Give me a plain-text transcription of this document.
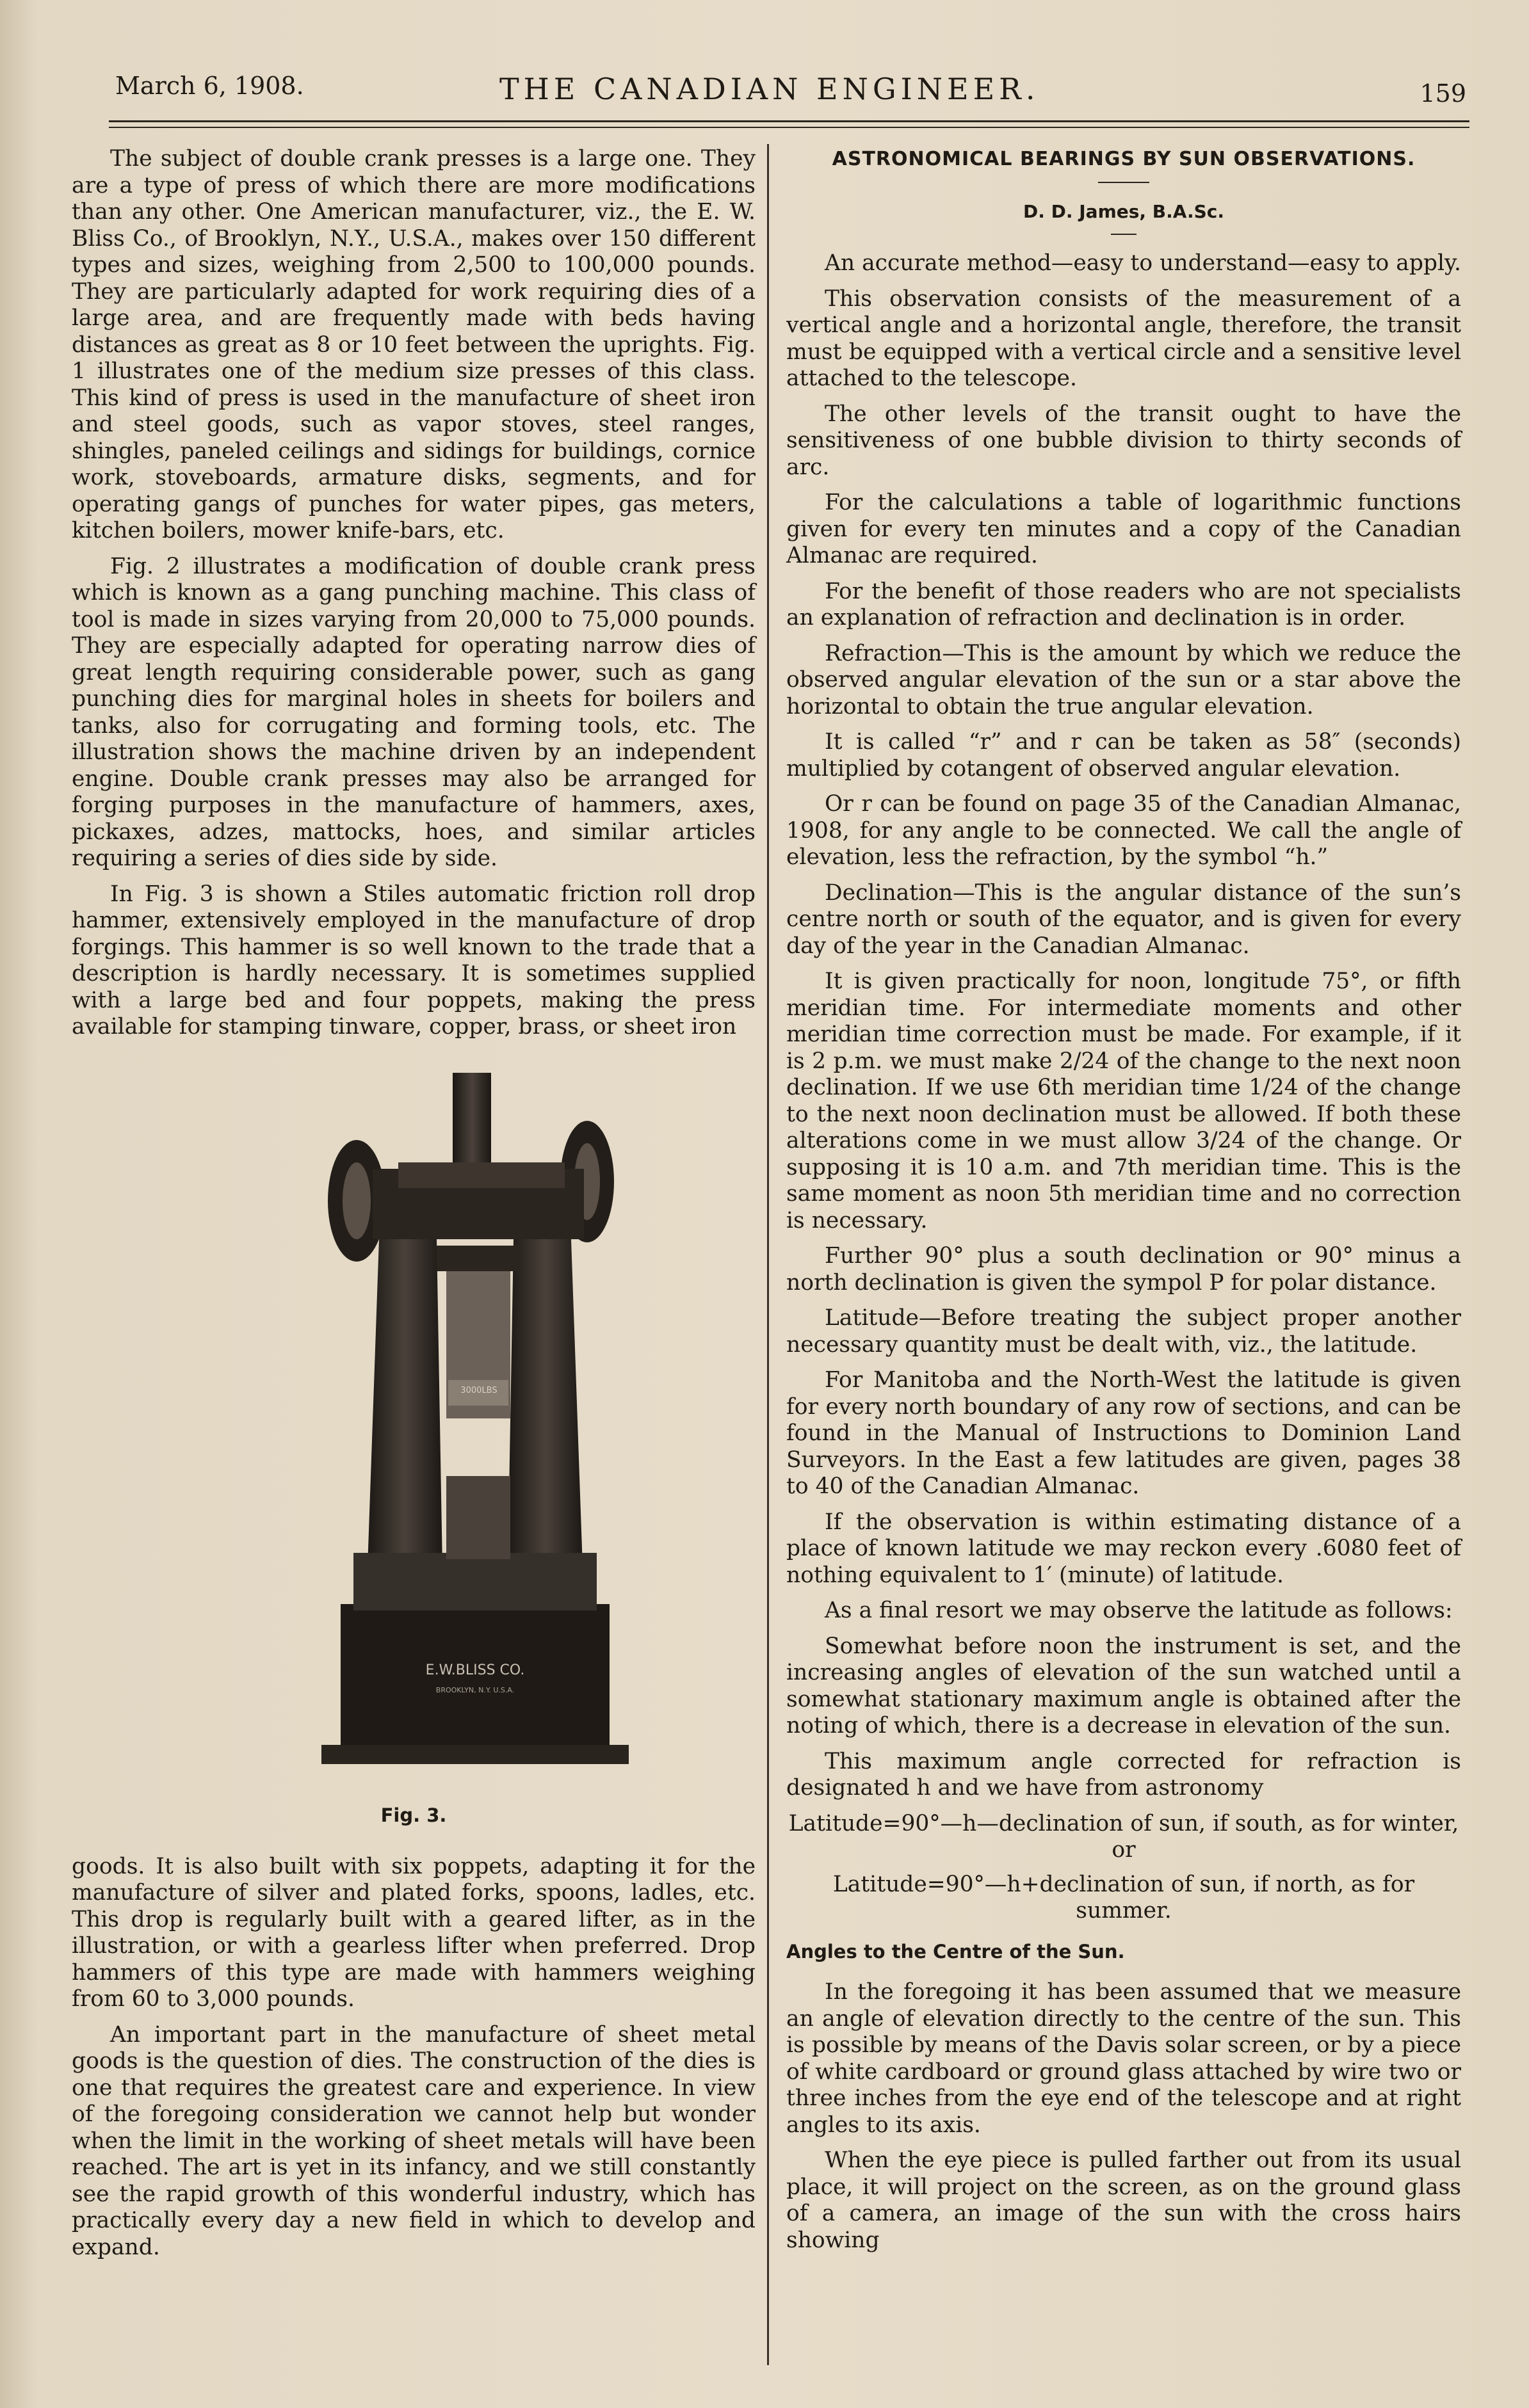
March 6, 1908.	THE CANADIAN ENGINEER.	159

The subject of double crank presses is a large one. They are a type of press of which there are more modifications than any other. One American manufacturer, viz., the E. W. Bliss Co., of Brooklyn, N.Y., U.S.A., makes over 150 different types and sizes, weighing from 2,500 to 100,000 pounds. They are particularly adapted for work requiring dies of a large area, and are frequently made with beds having distances as great as 8 or 10 feet between the uprights. Fig. 1 illustrates one of the medium size presses of this class. This kind of press is used in the manufacture of sheet iron and steel goods, such as vapor stoves, steel ranges, shingles, paneled ceilings and sidings for buildings, cornice work, stoveboards, armature disks, segments, and for operating gangs of punches for water pipes, gas meters, kitchen boilers, mower knife-bars, etc.

Fig. 2 illustrates a modification of double crank press which is known as a gang punching machine. This class of tool is made in sizes varying from 20,000 to 75,000 pounds. They are especially adapted for operating narrow dies of great length requiring considerable power, such as gang punching dies for marginal holes in sheets for boilers and tanks, also for corrugating and forming tools, etc. The illustration shows the machine driven by an independent engine. Double crank presses may also be arranged for forging purposes in the manufacture of hammers, axes, pickaxes, adzes, mattocks, hoes, and similar articles requiring a series of dies side by side.

In Fig. 3 is shown a Stiles automatic friction roll drop hammer, extensively employed in the manufacture of drop forgings. This hammer is so well known to the trade that a description is hardly necessary. It is sometimes supplied with a large bed and four poppets, making the press available for stamping tinware, copper, brass, or sheet iron

3000LBS
E.W.BLISS CO.
BROOKLYN, N.Y. U.S.A.
Fig. 3.

goods. It is also built with six poppets, adapting it for the manufacture of silver and plated forks, spoons, ladles, etc. This drop is regularly built with a geared lifter, as in the illustration, or with a gearless lifter when preferred. Drop hammers of this type are made with hammers weighing from 60 to 3,000 pounds.

An important part in the manufacture of sheet metal goods is the question of dies. The construction of the dies is one that requires the greatest care and experience. In view of the foregoing consideration we cannot help but wonder when the limit in the working of sheet metals will have been reached. The art is yet in its infancy, and we still constantly see the rapid growth of this wonderful industry, which has practically every day a new field in which to develop and expand.

ASTRONOMICAL BEARINGS BY SUN OBSERVATIONS.

D. D. James, B.A.Sc.

An accurate method—easy to understand—easy to apply.

This observation consists of the measurement of a vertical angle and a horizontal angle, therefore, the transit must be equipped with a vertical circle and a sensitive level attached to the telescope.

The other levels of the transit ought to have the sensitiveness of one bubble division to thirty seconds of arc.

For the calculations a table of logarithmic functions given for every ten minutes and a copy of the Canadian Almanac are required.

For the benefit of those readers who are not specialists an explanation of refraction and declination is in order.

Refraction—This is the amount by which we reduce the observed angular elevation of the sun or a star above the horizontal to obtain the true angular elevation.

It is called “r” and r can be taken as 58″ (seconds) multiplied by cotangent of observed angular elevation.

Or r can be found on page 35 of the Canadian Almanac, 1908, for any angle to be connected. We call the angle of elevation, less the refraction, by the symbol “h.”

Declination—This is the angular distance of the sun’s centre north or south of the equator, and is given for every day of the year in the Canadian Almanac.

It is given practically for noon, longitude 75°, or fifth meridian time. For intermediate moments and other meridian time correction must be made. For example, if it is 2 p.m. we must make 2/24 of the change to the next noon declination. If we use 6th meridian time 1/24 of the change to the next noon declination must be allowed. If both these alterations come in we must allow 3/24 of the change. Or supposing it is 10 a.m. and 7th meridian time. This is the same moment as noon 5th meridian time and no correction is necessary.

Further 90° plus a south declination or 90° minus a north declination is given the sympol P for polar distance.

Latitude—Before treating the subject proper another necessary quantity must be dealt with, viz., the latitude.

For Manitoba and the North-West the latitude is given for every north boundary of any row of sections, and can be found in the Manual of Instructions to Dominion Land Surveyors. In the East a few latitudes are given, pages 38 to 40 of the Canadian Almanac.

If the observation is within estimating distance of a place of known latitude we may reckon every .6080 feet of nothing equivalent to 1′ (minute) of latitude.

As a final resort we may observe the latitude as follows:

Somewhat before noon the instrument is set, and the increasing angles of elevation of the sun watched until a somewhat stationary maximum angle is obtained after the noting of which, there is a decrease in elevation of the sun.

This maximum angle corrected for refraction is designated h and we have from astronomy

Latitude=90°—h—declination of sun, if south, as for winter, or

Latitude=90°—h+declination of sun, if north, as for summer.

Angles to the Centre of the Sun.

In the foregoing it has been assumed that we measure an angle of elevation directly to the centre of the sun. This is possible by means of the Davis solar screen, or by a piece of white cardboard or ground glass attached by wire two or three inches from the eye end of the telescope and at right angles to its axis.

When the eye piece is pulled farther out from its usual place, it will project on the screen, as on the ground glass of a camera, an image of the sun with the cross hairs showing
